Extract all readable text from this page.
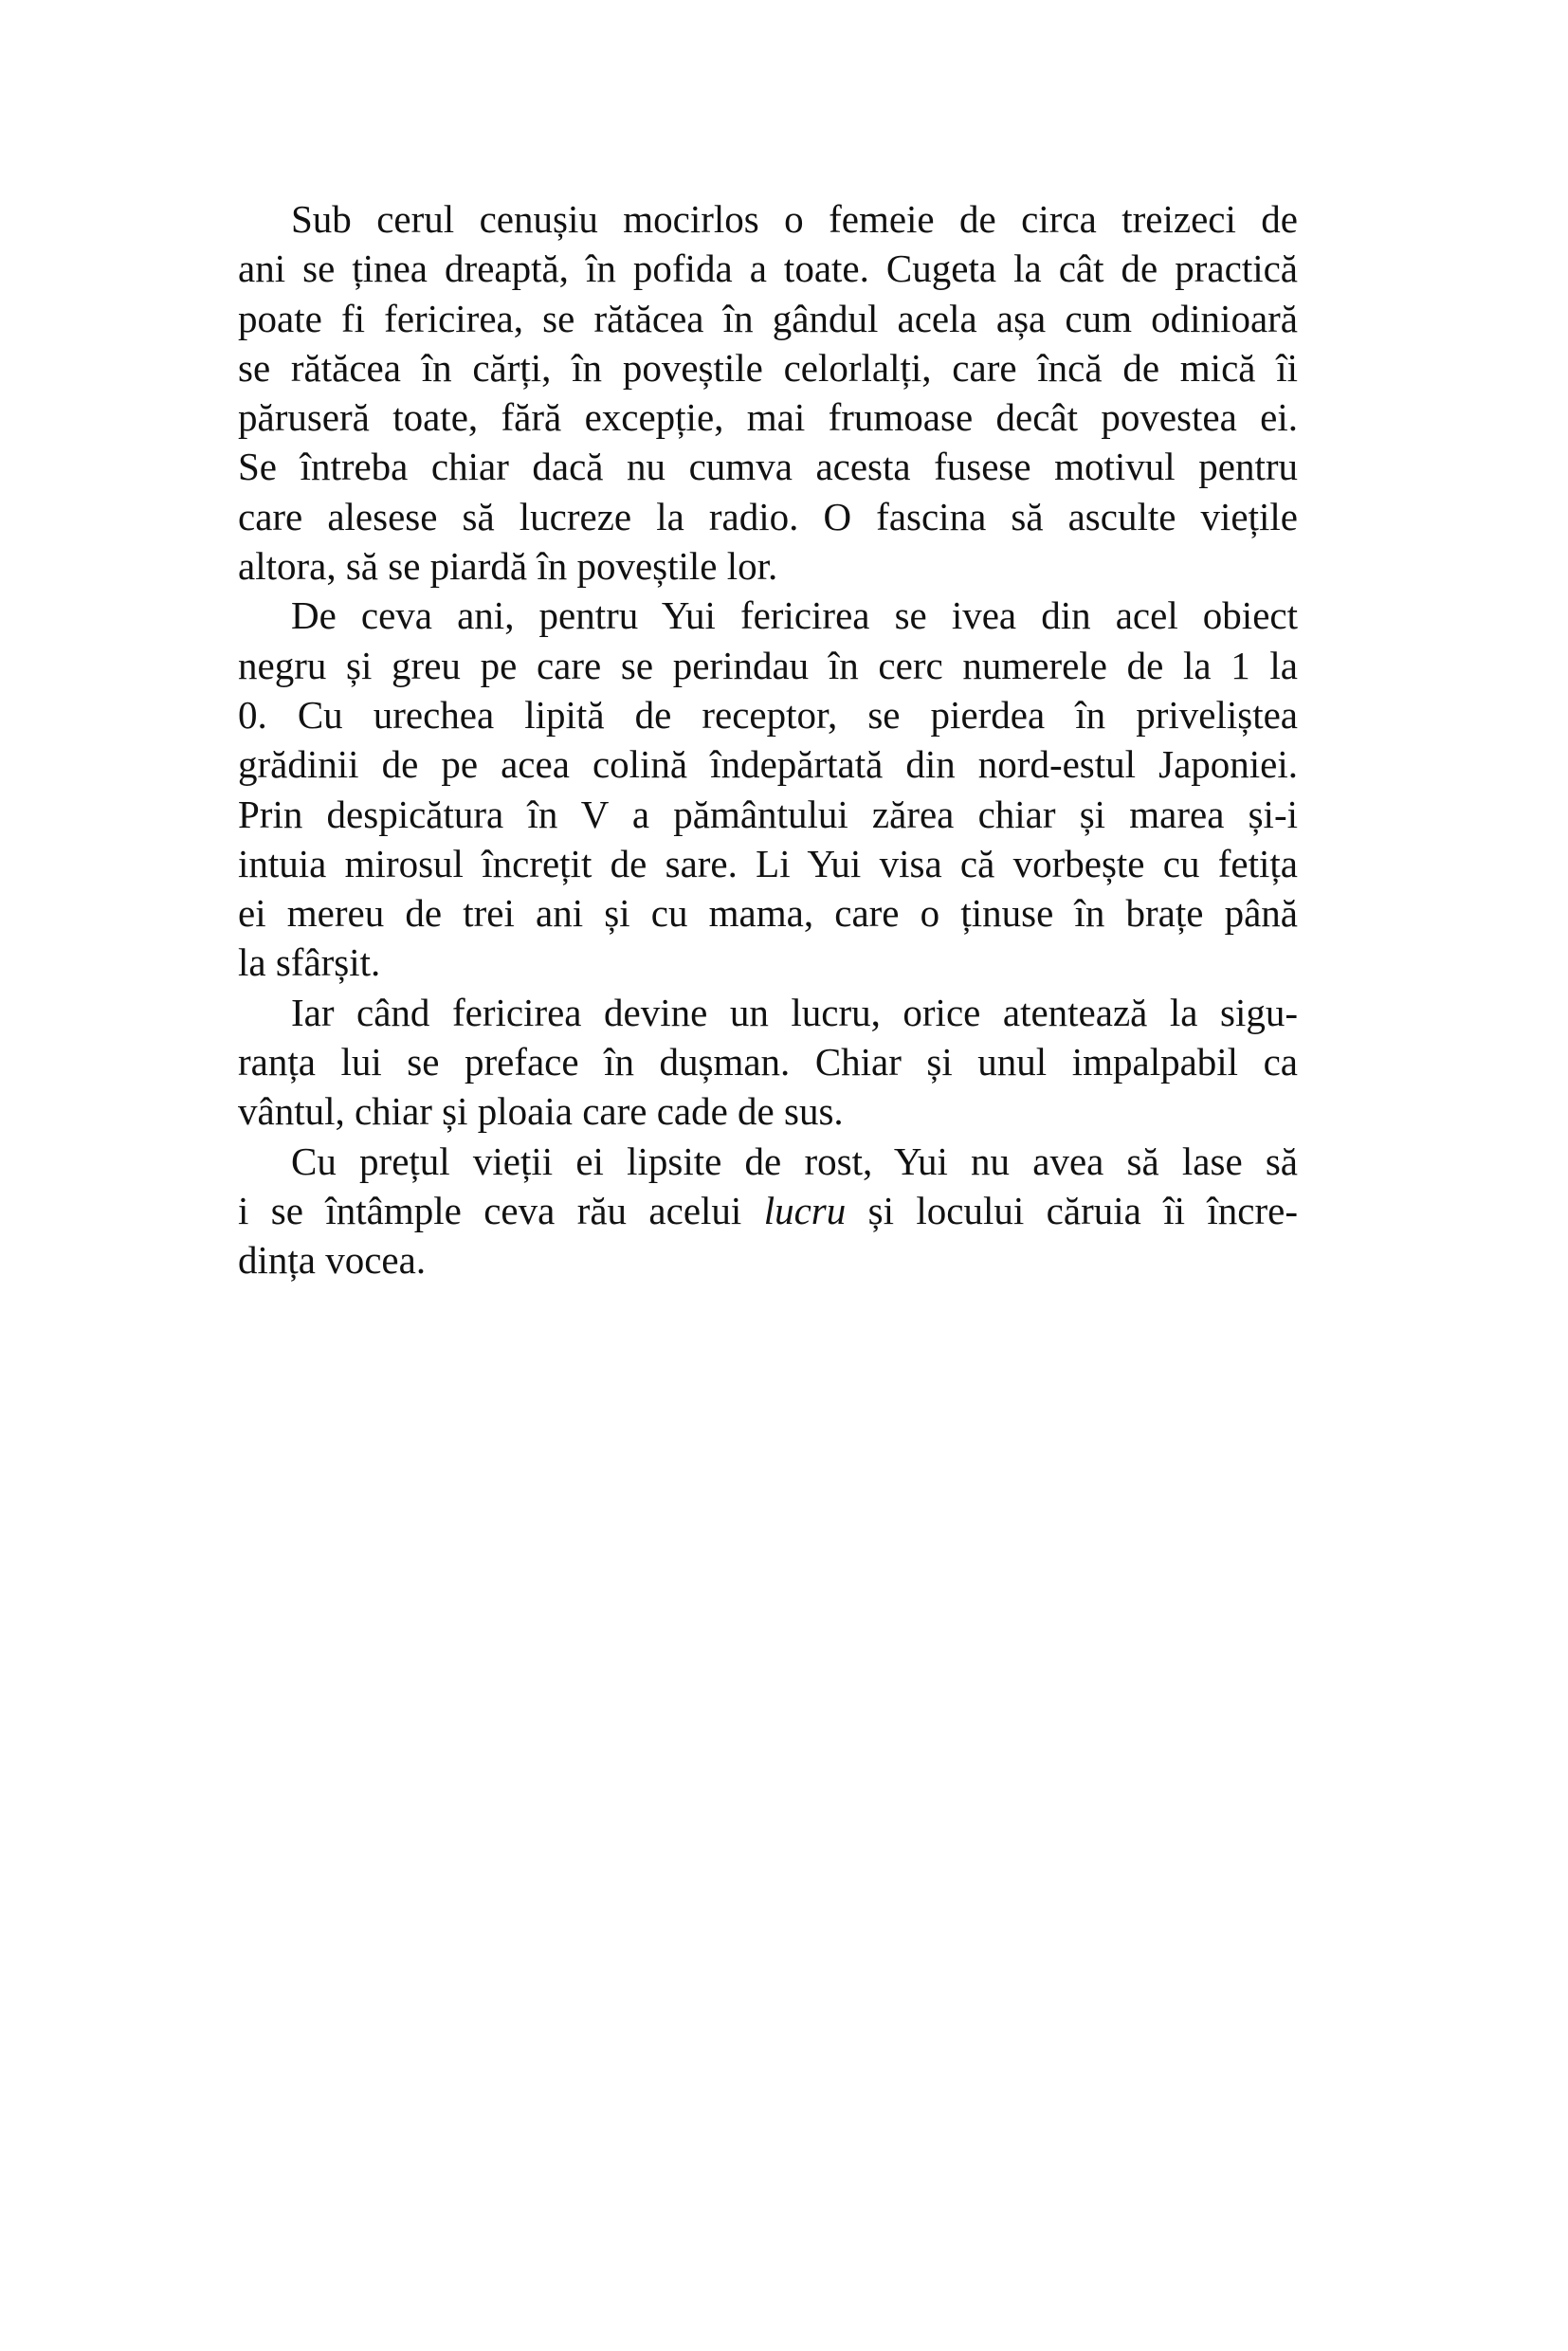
Sub cerul cenușiu mocirlos o femeie de circa treizeci de
ani se ținea dreaptă, în pofida a toate. Cugeta la cât de practică
poate fi fericirea, se rătăcea în gândul acela așa cum odinioară
se rătăcea în cărți, în poveștile celorlalți, care încă de mică îi
păruseră toate, fără excepție, mai frumoase decât povestea ei.
Se întreba chiar dacă nu cumva acesta fusese motivul pentru
care alesese să lucreze la radio. O fascina să asculte viețile
altora, să se piardă în poveștile lor.
De ceva ani, pentru Yui fericirea se ivea din acel obiect
negru și greu pe care se perindau în cerc numerele de la 1 la
0. Cu urechea lipită de receptor, se pierdea în priveliștea
grădinii de pe acea colină îndepărtată din nord-estul Japoniei.
Prin despicătura în V a pământului zărea chiar și marea și-i
intuia mirosul încrețit de sare. Li Yui visa că vorbește cu fetița
ei mereu de trei ani și cu mama, care o ținuse în brațe până
la sfârșit.
Iar când fericirea devine un lucru, orice atentează la sigu-
ranța lui se preface în dușman. Chiar și unul impalpabil ca
vântul, chiar și ploaia care cade de sus.
Cu prețul vieții ei lipsite de rost, Yui nu avea să lase să
i se întâmple ceva rău acelui lucru și locului căruia îi încre-
dința vocea.
